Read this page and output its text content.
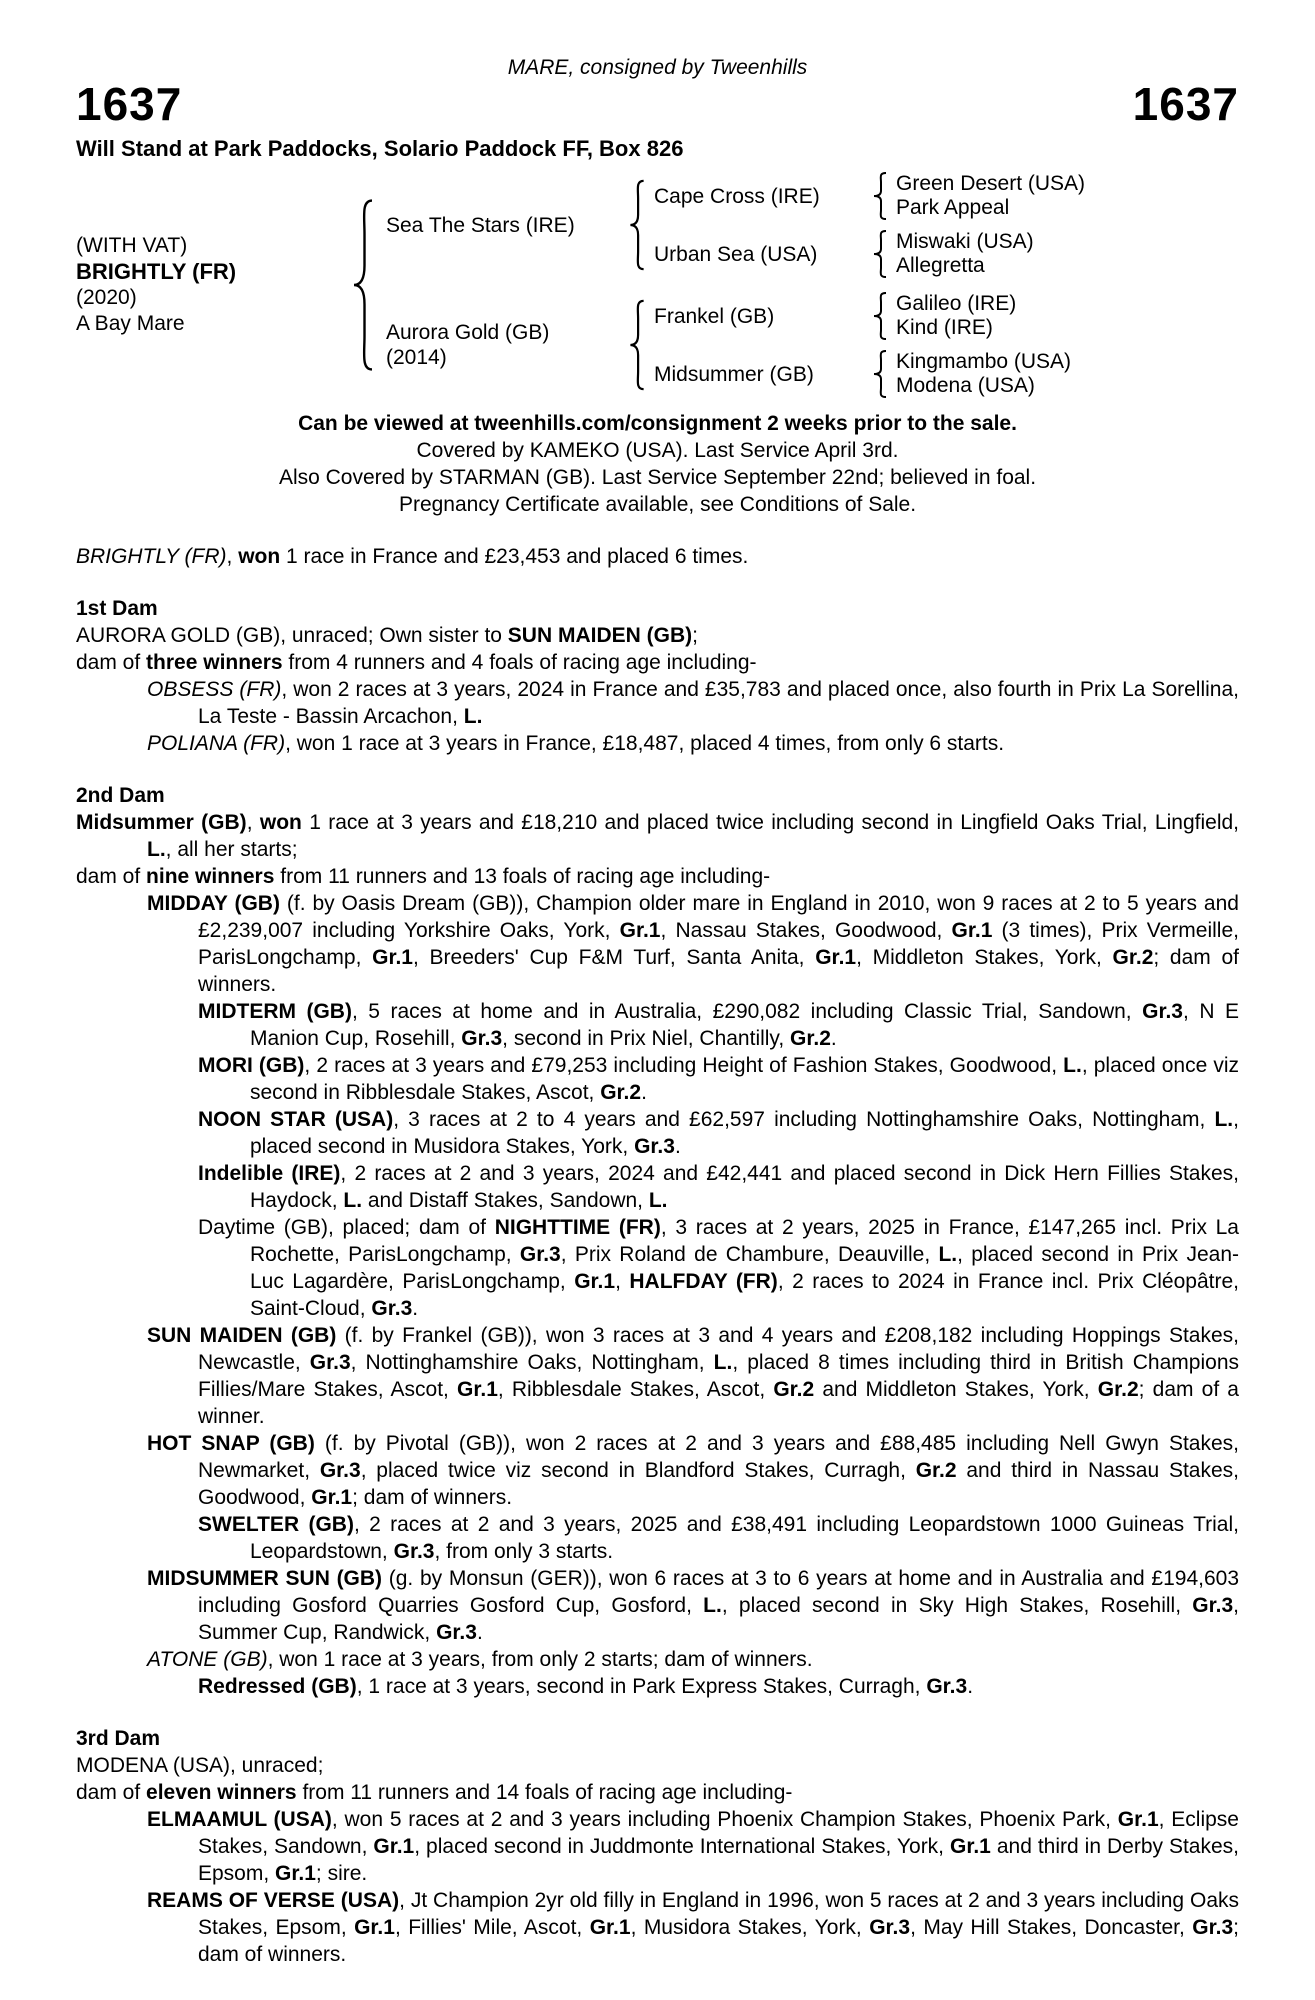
MARE, consigned by Tweenhills
1637	1637
Will Stand at Park Paddocks, Solario Paddock FF, Box 826
(WITH VAT)
BRIGHTLY (FR)
(2020)
A Bay Mare
Sea The Stars (IRE)
Cape Cross (IRE)
Green Desert (USA)
Park Appeal
Urban Sea (USA)
Miswaki (USA)
Allegretta
Aurora Gold (GB)
(2014)
Frankel (GB)
Galileo (IRE)
Kind (IRE)
Midsummer (GB)
Kingmambo (USA)
Modena (USA)
Can be viewed at tweenhills.com/consignment 2 weeks prior to the sale.
Covered by KAMEKO (USA). Last Service April 3rd.
Also Covered by STARMAN (GB). Last Service September 22nd; believed in foal.
Pregnancy Certificate available, see Conditions of Sale.
BRIGHTLY (FR), won 1 race in France and £23,453 and placed 6 times.
1st Dam
AURORA GOLD (GB), unraced; Own sister to SUN MAIDEN (GB);
dam of three winners from 4 runners and 4 foals of racing age including-
OBSESS (FR), won 2 races at 3 years, 2024 in France and £35,783 and placed once, also fourth in Prix La Sorellina, La Teste - Bassin Arcachon, L.
POLIANA (FR), won 1 race at 3 years in France, £18,487, placed 4 times, from only 6 starts.
2nd Dam
Midsummer (GB), won 1 race at 3 years and £18,210 and placed twice including second in Lingfield Oaks Trial, Lingfield, L., all her starts;
dam of nine winners from 11 runners and 13 foals of racing age including-
MIDDAY (GB) (f. by Oasis Dream (GB)), Champion older mare in England in 2010, won 9 races at 2 to 5 years and £2,239,007 including Yorkshire Oaks, York, Gr.1, Nassau Stakes, Goodwood, Gr.1 (3 times), Prix Vermeille, ParisLongchamp, Gr.1, Breeders' Cup F&M Turf, Santa Anita, Gr.1, Middleton Stakes, York, Gr.2; dam of winners.
MIDTERM (GB), 5 races at home and in Australia, £290,082 including Classic Trial, Sandown, Gr.3, N E Manion Cup, Rosehill, Gr.3, second in Prix Niel, Chantilly, Gr.2.
MORI (GB), 2 races at 3 years and £79,253 including Height of Fashion Stakes, Goodwood, L., placed once viz second in Ribblesdale Stakes, Ascot, Gr.2.
NOON STAR (USA), 3 races at 2 to 4 years and £62,597 including Nottinghamshire Oaks, Nottingham, L., placed second in Musidora Stakes, York, Gr.3.
Indelible (IRE), 2 races at 2 and 3 years, 2024 and £42,441 and placed second in Dick Hern Fillies Stakes, Haydock, L. and Distaff Stakes, Sandown, L.
Daytime (GB), placed; dam of NIGHTTIME (FR), 3 races at 2 years, 2025 in France, £147,265 incl. Prix La Rochette, ParisLongchamp, Gr.3, Prix Roland de Chambure, Deauville, L., placed second in Prix Jean-Luc Lagardère, ParisLongchamp, Gr.1, HALFDAY (FR), 2 races to 2024 in France incl. Prix Cléopâtre, Saint-Cloud, Gr.3.
SUN MAIDEN (GB) (f. by Frankel (GB)), won 3 races at 3 and 4 years and £208,182 including Hoppings Stakes, Newcastle, Gr.3, Nottinghamshire Oaks, Nottingham, L., placed 8 times including third in British Champions Fillies/Mare Stakes, Ascot, Gr.1, Ribblesdale Stakes, Ascot, Gr.2 and Middleton Stakes, York, Gr.2; dam of a winner.
HOT SNAP (GB) (f. by Pivotal (GB)), won 2 races at 2 and 3 years and £88,485 including Nell Gwyn Stakes, Newmarket, Gr.3, placed twice viz second in Blandford Stakes, Curragh, Gr.2 and third in Nassau Stakes, Goodwood, Gr.1; dam of winners.
SWELTER (GB), 2 races at 2 and 3 years, 2025 and £38,491 including Leopardstown 1000 Guineas Trial, Leopardstown, Gr.3, from only 3 starts.
MIDSUMMER SUN (GB) (g. by Monsun (GER)), won 6 races at 3 to 6 years at home and in Australia and £194,603 including Gosford Quarries Gosford Cup, Gosford, L., placed second in Sky High Stakes, Rosehill, Gr.3, Summer Cup, Randwick, Gr.3.
ATONE (GB), won 1 race at 3 years, from only 2 starts; dam of winners.
Redressed (GB), 1 race at 3 years, second in Park Express Stakes, Curragh, Gr.3.
3rd Dam
MODENA (USA), unraced;
dam of eleven winners from 11 runners and 14 foals of racing age including-
ELMAAMUL (USA), won 5 races at 2 and 3 years including Phoenix Champion Stakes, Phoenix Park, Gr.1, Eclipse Stakes, Sandown, Gr.1, placed second in Juddmonte International Stakes, York, Gr.1 and third in Derby Stakes, Epsom, Gr.1; sire.
REAMS OF VERSE (USA), Jt Champion 2yr old filly in England in 1996, won 5 races at 2 and 3 years including Oaks Stakes, Epsom, Gr.1, Fillies' Mile, Ascot, Gr.1, Musidora Stakes, York, Gr.3, May Hill Stakes, Doncaster, Gr.3; dam of winners.
